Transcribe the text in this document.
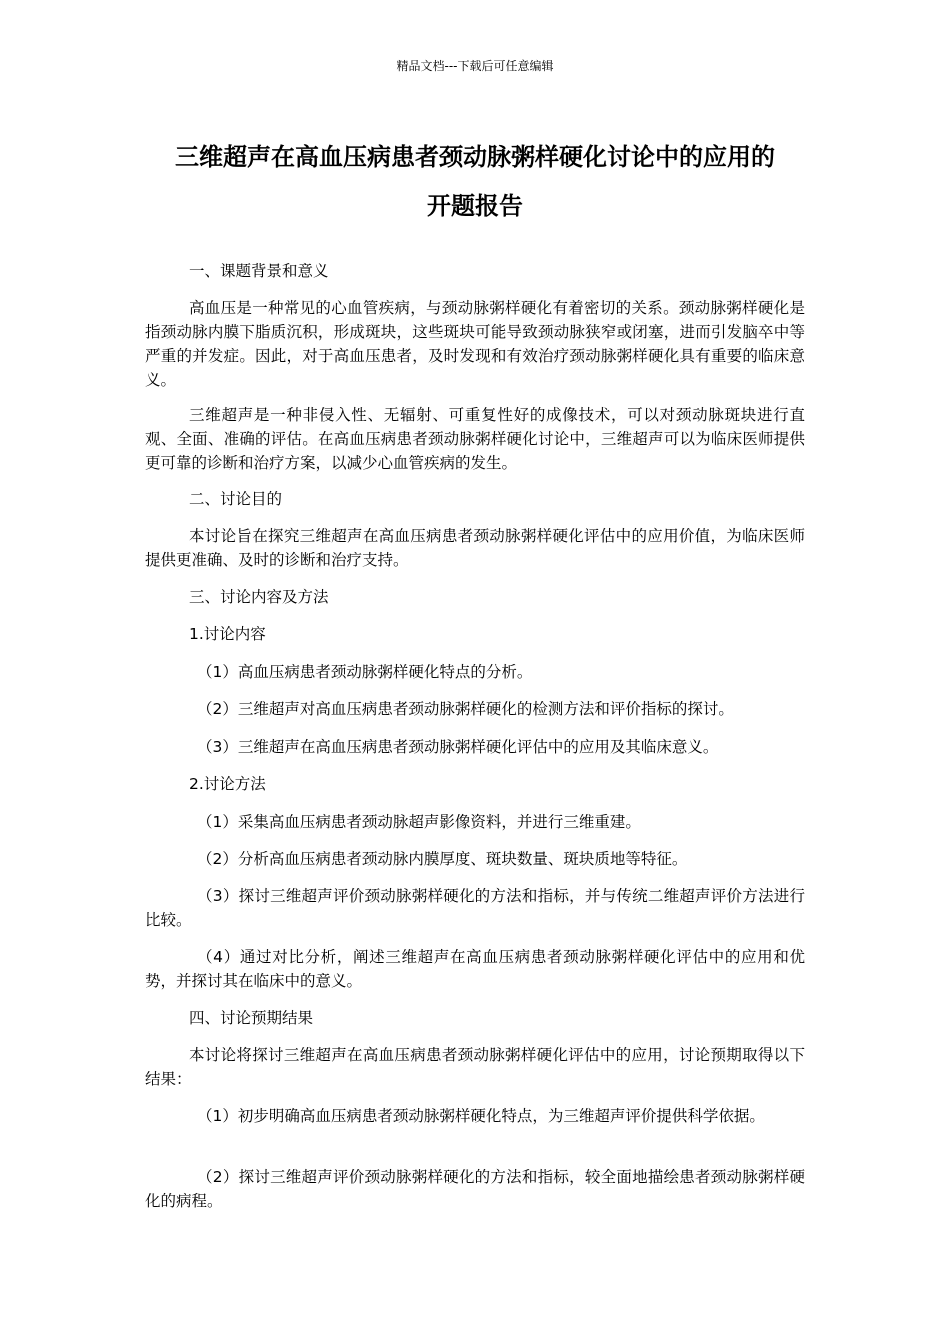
精品文档---下载后可任意编辑
三维超声在高血压病患者颈动脉粥样硬化讨论中的应用的
开题报告

一、课题背景和意义

高血压是一种常见的心血管疾病，与颈动脉粥样硬化有着密切的关系。颈动脉粥样硬化是指颈动脉内膜下脂质沉积，形成斑块，这些斑块可能导致颈动脉狭窄或闭塞，进而引发脑卒中等严重的并发症。因此，对于高血压患者，及时发现和有效治疗颈动脉粥样硬化具有重要的临床意义。

三维超声是一种非侵入性、无辐射、可重复性好的成像技术，可以对颈动脉斑块进行直观、全面、准确的评估。在高血压病患者颈动脉粥样硬化讨论中，三维超声可以为临床医师提供更可靠的诊断和治疗方案，以减少心血管疾病的发生。

二、讨论目的

本讨论旨在探究三维超声在高血压病患者颈动脉粥样硬化评估中的应用价值，为临床医师提供更准确、及时的诊断和治疗支持。

三、讨论内容及方法

1.讨论内容

（1）高血压病患者颈动脉粥样硬化特点的分析。

（2）三维超声对高血压病患者颈动脉粥样硬化的检测方法和评价指标的探讨。

（3）三维超声在高血压病患者颈动脉粥样硬化评估中的应用及其临床意义。

2.讨论方法

（1）采集高血压病患者颈动脉超声影像资料，并进行三维重建。

（2）分析高血压病患者颈动脉内膜厚度、斑块数量、斑块质地等特征。

（3）探讨三维超声评价颈动脉粥样硬化的方法和指标，并与传统二维超声评价方法进行比较。

（4）通过对比分析，阐述三维超声在高血压病患者颈动脉粥样硬化评估中的应用和优势，并探讨其在临床中的意义。

四、讨论预期结果

本讨论将探讨三维超声在高血压病患者颈动脉粥样硬化评估中的应用，讨论预期取得以下结果：

（1）初步明确高血压病患者颈动脉粥样硬化特点，为三维超声评价提供科学依据。

（2）探讨三维超声评价颈动脉粥样硬化的方法和指标，较全面地描绘患者颈动脉粥样硬化的病程。
